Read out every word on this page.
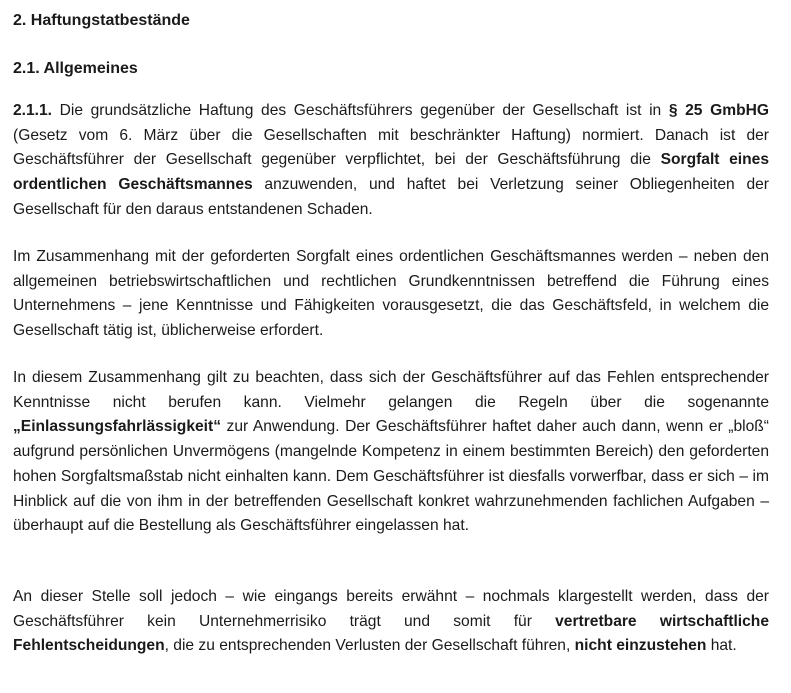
2. Haftungstatbestände
2.1. Allgemeines

2.1.1. Die grundsätzliche Haftung des Geschäftsführers gegenüber der Gesellschaft ist in § 25 GmbHG (Gesetz vom 6. März über die Gesellschaften mit beschränkter Haftung) normiert. Danach ist der Geschäftsführer der Gesellschaft gegenüber verpflichtet, bei der Geschäftsführung die Sorgfalt eines ordentlichen Geschäftsmannes anzuwenden, und haftet bei Verletzung seiner Obliegenheiten der Gesellschaft für den daraus entstandenen Schaden.

Im Zusammenhang mit der geforderten Sorgfalt eines ordentlichen Geschäftsmannes werden – neben den allgemeinen betriebswirtschaftlichen und rechtlichen Grundkenntnissen betreffend die Führung eines Unternehmens – jene Kenntnisse und Fähigkeiten vorausgesetzt, die das Geschäftsfeld, in welchem die Gesellschaft tätig ist, üblicherweise erfordert.

In diesem Zusammenhang gilt zu beachten, dass sich der Geschäftsführer auf das Fehlen entsprechender Kenntnisse nicht berufen kann. Vielmehr gelangen die Regeln über die sogenannte „Einlassungsfahrlässigkeit“ zur Anwendung. Der Geschäftsführer haftet daher auch dann, wenn er „bloß“ aufgrund persönlichen Unvermögens (mangelnde Kompetenz in einem bestimmten Bereich) den geforderten hohen Sorgfaltsmaßstab nicht einhalten kann. Dem Geschäftsführer ist diesfalls vorwerfbar, dass er sich – im Hinblick auf die von ihm in der betreffenden Gesellschaft konkret wahrzunehmenden fachlichen Aufgaben – überhaupt auf die Bestellung als Geschäftsführer eingelassen hat.

An dieser Stelle soll jedoch – wie eingangs bereits erwähnt – nochmals klargestellt werden, dass der Geschäftsführer kein Unternehmerrisiko trägt und somit für vertretbare wirtschaftliche Fehlentscheidungen, die zu entsprechenden Verlusten der Gesellschaft führen, nicht einzustehen hat.
